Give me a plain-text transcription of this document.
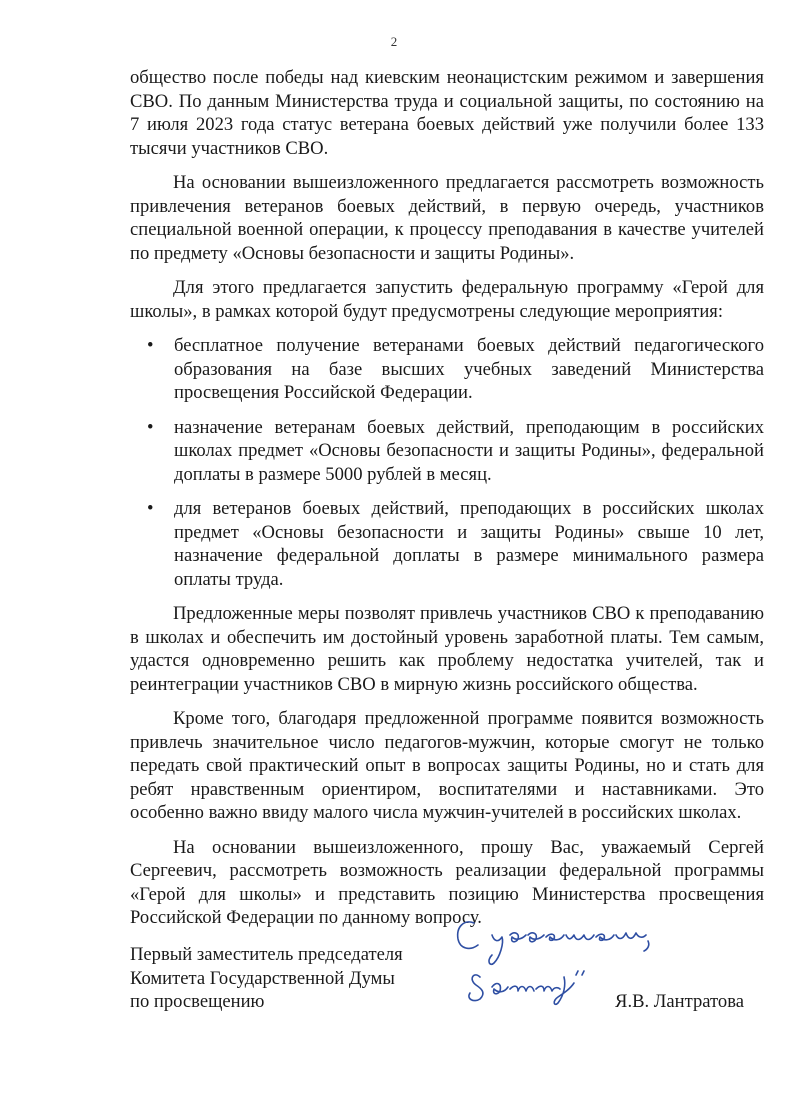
2

общество после победы над киевским неонацистским режимом и завершения СВО. По данным Министерства труда и социальной защиты, по состоянию на 7 июля 2023 года статус ветерана боевых действий уже получили более 133 тысячи участников СВО.

На основании вышеизложенного предлагается рассмотреть возможность привлечения ветеранов боевых действий, в первую очередь, участников специальной военной операции, к процессу преподавания в качестве учителей по предмету «Основы безопасности и защиты Родины».

Для этого предлагается запустить федеральную программу «Герой для школы», в рамках которой будут предусмотрены следующие мероприятия:

• бесплатное получение ветеранами боевых действий педагогического образования на базе высших учебных заведений Министерства просвещения Российской Федерации.
• назначение ветеранам боевых действий, преподающим в российских школах предмет «Основы безопасности и защиты Родины», федеральной доплаты в размере 5000 рублей в месяц.
• для ветеранов боевых действий, преподающих в российских школах предмет «Основы безопасности и защиты Родины» свыше 10 лет, назначение федеральной доплаты в размере минимального размера оплаты труда.

Предложенные меры позволят привлечь участников СВО к преподаванию в школах и обеспечить им достойный уровень заработной платы. Тем самым, удастся одновременно решить как проблему недостатка учителей, так и реинтеграции участников СВО в мирную жизнь российского общества.

Кроме того, благодаря предложенной программе появится возможность привлечь значительное число педагогов-мужчин, которые смогут не только передать свой практический опыт в вопросах защиты Родины, но и стать для ребят нравственным ориентиром, воспитателями и наставниками. Это особенно важно ввиду малого числа мужчин-учителей в российских школах.

На основании вышеизложенного, прошу Вас, уважаемый Сергей Сергеевич, рассмотреть возможность реализации федеральной программы «Герой для школы» и представить позицию Министерства просвещения Российской Федерации по данному вопросу.

Первый заместитель председателя
Комитета Государственной Думы
по просвещению	Я.В. Лантратова
